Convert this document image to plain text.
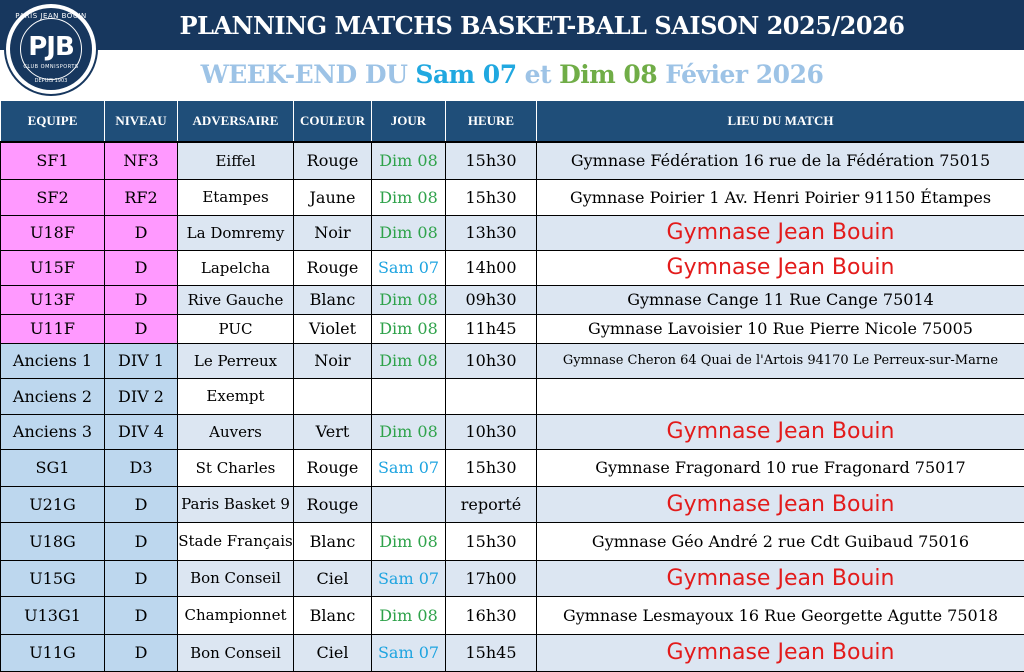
PLANNING MATCHS BASKET-BALL SAISON 2025/2026
WEEK-END DU Sam 07 et Dim 08 Févier 2026
PARIS JEAN BOUIN
PJB
CLUB OMNISPORTS
DEPUIS 1903
EQUIPE	NIVEAU	ADVERSAIRE	COULEUR	JOUR	HEURE	LIEU DU MATCH
SF1	NF3	Eiffel	Rouge	Dim 08	15h30	Gymnase Fédération 16 rue de la Fédération 75015
SF2	RF2	Etampes	Jaune	Dim 08	15h30	Gymnase Poirier 1 Av. Henri Poirier 91150 Étampes
U18F	D	La Domremy	Noir	Dim 08	13h30	Gymnase Jean Bouin
U15F	D	Lapelcha	Rouge	Sam 07	14h00	Gymnase Jean Bouin
U13F	D	Rive Gauche	Blanc	Dim 08	09h30	Gymnase Cange 11 Rue Cange 75014
U11F	D	PUC	Violet	Dim 08	11h45	Gymnase Lavoisier 10 Rue Pierre Nicole 75005
Anciens 1	DIV 1	Le Perreux	Noir	Dim 08	10h30	Gymnase Cheron 64 Quai de l'Artois 94170 Le Perreux-sur-Marne
Anciens 2	DIV 2	Exempt				
Anciens 3	DIV 4	Auvers	Vert	Dim 08	10h30	Gymnase Jean Bouin
SG1	D3	St Charles	Rouge	Sam 07	15h30	Gymnase Fragonard 10 rue Fragonard 75017
U21G	D	Paris Basket 9	Rouge		reporté	Gymnase Jean Bouin
U18G	D	Stade Français	Blanc	Dim 08	15h30	Gymnase Géo André 2 rue Cdt Guibaud 75016
U15G	D	Bon Conseil	Ciel	Sam 07	17h00	Gymnase Jean Bouin
U13G1	D	Championnet	Blanc	Dim 08	16h30	Gymnase Lesmayoux 16 Rue Georgette Agutte 75018
U11G	D	Bon Conseil	Ciel	Sam 07	15h45	Gymnase Jean Bouin
